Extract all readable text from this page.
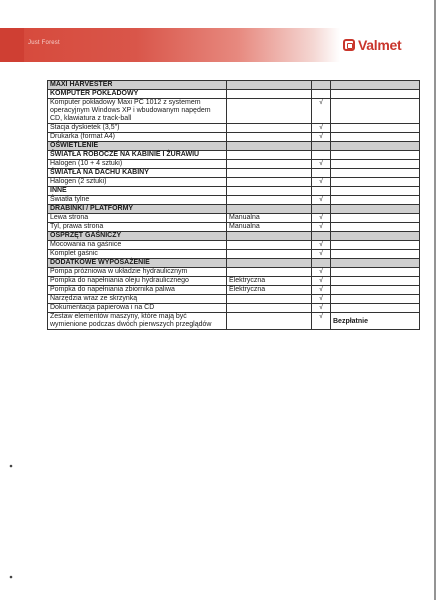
Just Forest	Valmet
MAXI HARVESTER			

KOMPUTER POKŁADOWY			

Komputer pokładowy Maxi PC 1012 z systemem operacyjnym Windows XP i wbudowanym napędem CD, klawiatura z track-ball		√	

Stacja dyskietek (3,5")		√	

Drukarka (format A4)		√	

OŚWIETLENIE			

ŚWIATŁA ROBOCZE NA KABINIE I ŻURAWIU			

Halogen (10 + 4 sztuki)		√	

ŚWIATŁA NA DACHU KABINY			

Halogen (2 sztuki)		√	

INNE			

Światła tylne		√	

DRABINKI / PLATFORMY			

Lewa strona	Manualna	√	

Tyl, prawa strona	Manualna	√	

OSPRZĘT GAŚNICZY			

Mocowania na gaśnice		√	

Komplet gaśnic		√	

DODATKOWE WYPOSAŻENIE			

Pompa próżniowa w układzie hydraulicznym		√	

Pompka do napełniania oleju hydraulicznego	Elektryczna	√	

Pompka do napełniania zbiornika paliwa	Elektryczna	√	

Narzędzia wraz ze skrzynką		√	

Dokumentacja papierowa i na CD		√	

Zestaw elementów maszyny, które mają być wymienione podczas dwóch pierwszych przeglądów		√	Bezpłatnie
